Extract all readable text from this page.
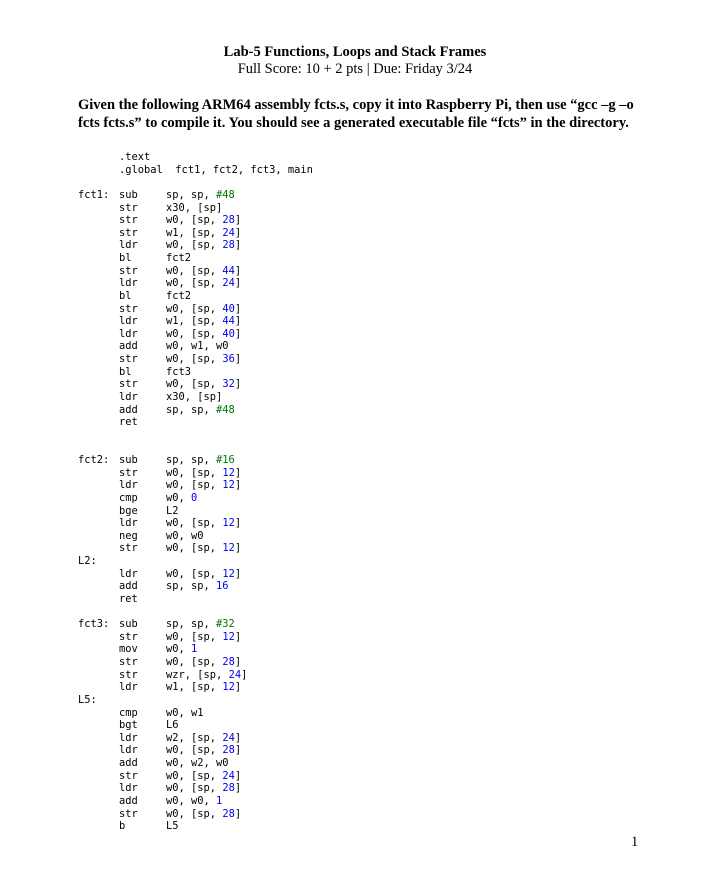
Lab-5 Functions, Loops and Stack Frames
Full Score: 10 + 2 pts | Due: Friday 3/24
Given the following ARM64 assembly fcts.s, copy it into Raspberry Pi, then use “gcc –g –o fcts fcts.s” to compile it. You should see a generated executable file “fcts” in the directory.
.text
.global  fct1, fct2, fct3, main
fct1: sub	sp, sp, #48
str	x30, [sp]
str	w0, [sp, 28]
str	w1, [sp, 24]
ldr	w0, [sp, 28]
bl	fct2
str	w0, [sp, 44]
ldr	w0, [sp, 24]
bl	fct2
str	w0, [sp, 40]
ldr	w1, [sp, 44]
ldr	w0, [sp, 40]
add	w0, w1, w0
str	w0, [sp, 36]
bl	fct3
str	w0, [sp, 32]
ldr	x30, [sp]
add	sp, sp, #48
ret
fct2: sub	sp, sp, #16
str	w0, [sp, 12]
ldr	w0, [sp, 12]
cmp	w0, 0
bge	L2
ldr	w0, [sp, 12]
neg	w0, w0
str	w0, [sp, 12]
L2:
ldr	w0, [sp, 12]
add	sp, sp, 16
ret
fct3: sub	sp, sp, #32
str	w0, [sp, 12]
mov	w0, 1
str	w0, [sp, 28]
str	wzr, [sp, 24]
ldr	w1, [sp, 12]
L5:
cmp	w0, w1
bgt	L6
ldr	w2, [sp, 24]
ldr	w0, [sp, 28]
add	w0, w2, w0
str	w0, [sp, 24]
ldr	w0, [sp, 28]
add	w0, w0, 1
str	w0, [sp, 28]
b	L5
1
